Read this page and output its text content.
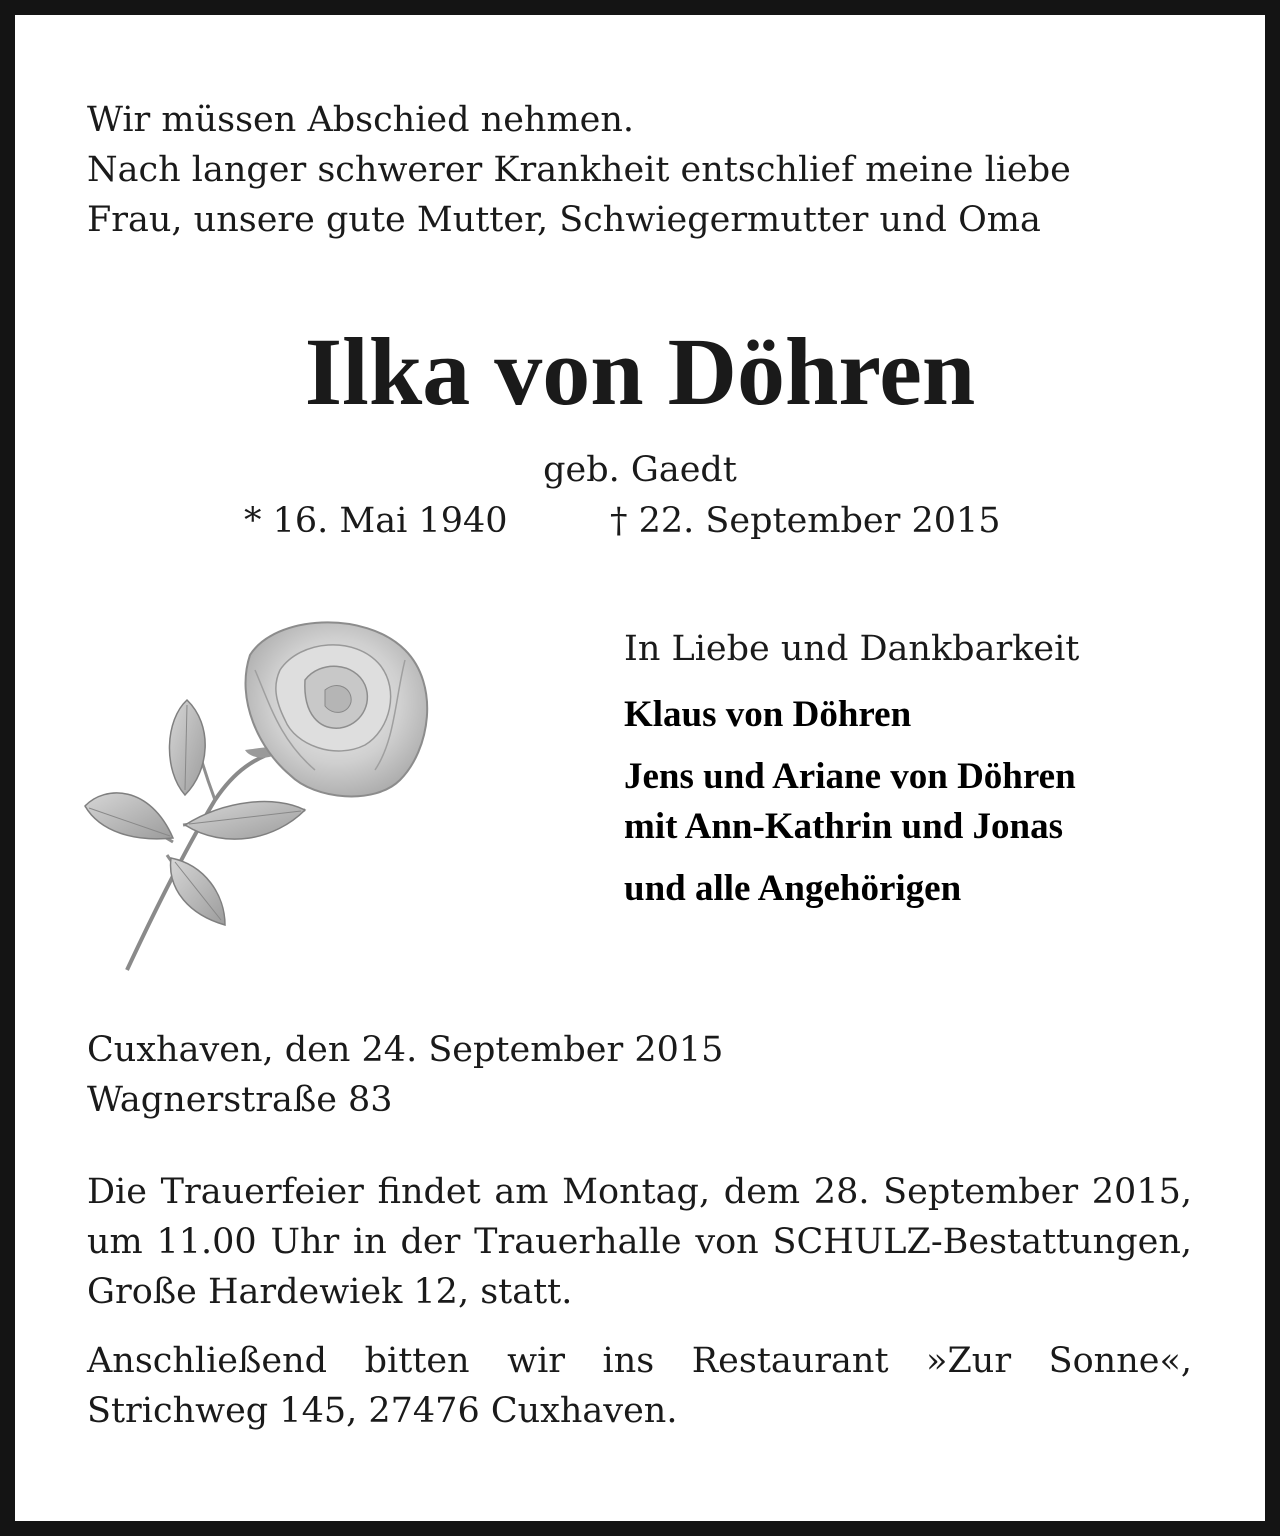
Wir müssen Abschied nehmen.
Nach langer schwerer Krankheit entschlief meine liebe
Frau, unsere gute Mutter, Schwiegermutter und Oma
Ilka von Döhren
geb. Gaedt
* 16. Mai 1940	† 22. September 2015
In Liebe und Dankbarkeit
Klaus von Döhren
Jens und Ariane von Döhren
mit Ann-Kathrin und Jonas
und alle Angehörigen
Cuxhaven, den 24. September 2015
Wagnerstraße 83
Die Trauerfeier findet am Montag, dem 28. September 2015, um 11.00 Uhr in der Trauerhalle von SCHULZ-Bestattungen, Große Hardewiek 12, statt.
Anschließend bitten wir ins Restaurant »Zur Sonne«, Strichweg 145, 27476 Cuxhaven.
